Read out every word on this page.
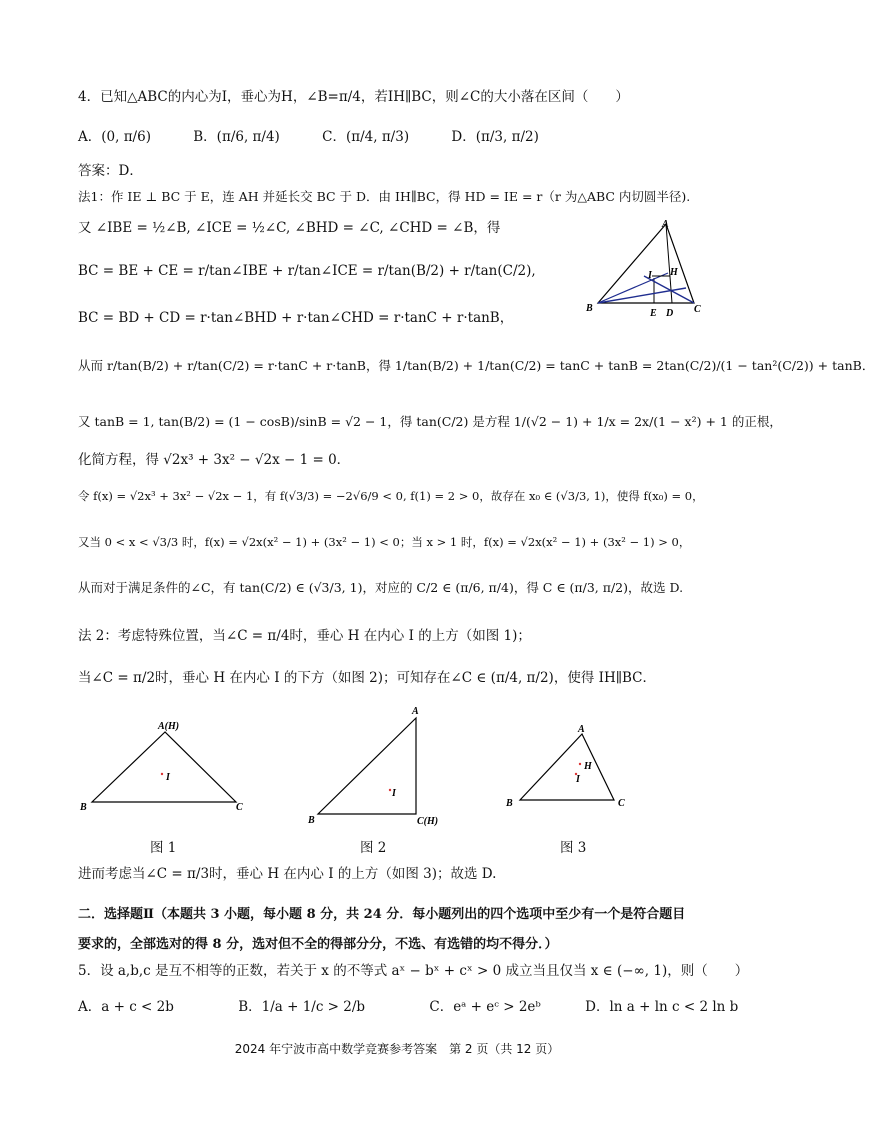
4．已知△ABC的内心为I，垂心为H，∠B=π/4，若IH∥BC，则∠C的大小落在区间（　　）
A．(0, π/6)	B．(π/6, π/4)	C．(π/4, π/3)	D．(π/3, π/2)
答案：D．
法1：作 IE ⊥ BC 于 E，连 AH 并延长交 BC 于 D．由 IH∥BC，得 HD = IE = r（r 为△ABC 内切圆半径).
又 ∠IBE = ½∠B, ∠ICE = ½∠C, ∠BHD = ∠C, ∠CHD = ∠B，得
BC = BE + CE = r/tan∠IBE + r/tan∠ICE = r/tan(B/2) + r/tan(C/2),
BC = BD + CD = r·tan∠BHD + r·tan∠CHD = r·tanC + r·tanB，
从而 r/tan(B/2) + r/tan(C/2) = r·tanC + r·tanB，得 1/tan(B/2) + 1/tan(C/2) = tanC + tanB = 2tan(C/2)/(1 − tan²(C/2)) + tanB．
又 tanB = 1, tan(B/2) = (1 − cosB)/sinB = √2 − 1，得 tan(C/2) 是方程 1/(√2 − 1) + 1/x = 2x/(1 − x²) + 1 的正根，
化简方程，得 √2x³ + 3x² − √2x − 1 = 0．
令 f(x) = √2x³ + 3x² − √2x − 1，有 f(√3/3) = −2√6/9 < 0, f(1) = 2 > 0，故存在 x₀ ∈ (√3/3, 1)，使得 f(x₀) = 0，
又当 0 < x < √3/3 时，f(x) = √2x(x² − 1) + (3x² − 1) < 0；当 x > 1 时，f(x) = √2x(x² − 1) + (3x² − 1) > 0，
从而对于满足条件的∠C，有 tan(C/2) ∈ (√3/3, 1)，对应的 C/2 ∈ (π/6, π/4)，得 C ∈ (π/3, π/2)，故选 D.
法 2：考虑特殊位置，当∠C = π/4时，垂心 H 在内心 I 的上方（如图 1)；
当∠C = π/2时，垂心 H 在内心 I 的下方（如图 2)；可知存在∠C ∈ (π/4, π/2)，使得 IH∥BC．
A
H
I
B	E D C
A(H)
I
B	C
图 1
A
I
B	C(H)
图 2
A
H
I
B	C
图 3
进而考虑当∠C = π/3时，垂心 H 在内心 I 的上方（如图 3)；故选 D.
二．选择题Ⅱ（本题共 3 小题，每小题 8 分，共 24 分．每小题列出的四个选项中至少有一个是符合题目
要求的，全部选对的得 8 分，选对但不全的得部分分，不选、有选错的均不得分．）
5．设 a,b,c 是互不相等的正数，若关于 x 的不等式 aˣ − bˣ + cˣ > 0 成立当且仅当 x ∈ (−∞, 1)，则（　　）
A．a + c < 2b	B．1/a + 1/c > 2/b	C．eᵃ + eᶜ > 2eᵇ	D．ln a + ln c < 2 ln b
2024 年宁波市高中数学竞赛参考答案　第 2 页（共 12 页）
